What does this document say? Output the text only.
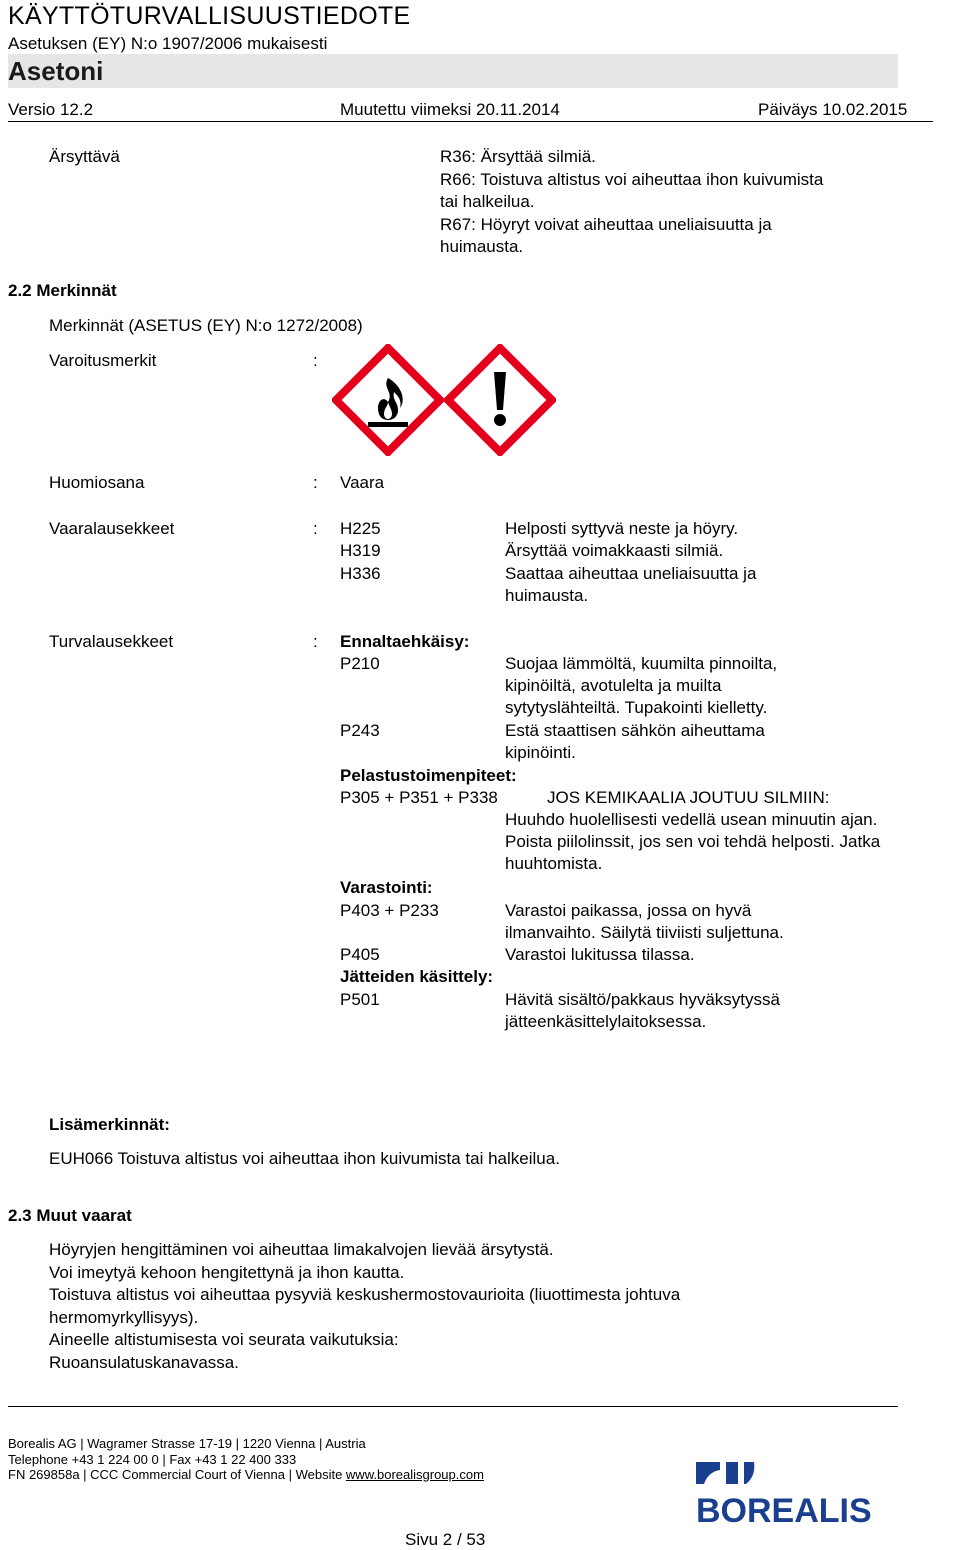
KÄYTTÖTURVALLISUUSTIEDOTE
Asetuksen (EY) N:o 1907/2006 mukaisesti
Asetoni
Versio 12.2	Muutettu viimeksi 20.11.2014	Päiväys 10.02.2015
Ärsyttävä	R36: Ärsyttää silmiä.
R66: Toistuva altistus voi aiheuttaa ihon kuivumista
tai halkeilua.
R67: Höyryt voivat aiheuttaa uneliaisuutta ja
huimausta.
2.2 Merkinnät
Merkinnät (ASETUS (EY) N:o 1272/2008)
Varoitusmerkit	:
Huomiosana	: Vaara
Vaaralausekkeet	: H225	Helposti syttyvä neste ja höyry.
H319	Ärsyttää voimakkaasti silmiä.
H336	Saattaa aiheuttaa uneliaisuutta ja huimausta.
Turvalausekkeet	: Ennaltaehkäisy:
P210	Suojaa lämmöltä, kuumilta pinnoilta, kipinöiltä, avotulelta ja muilta sytytyslähteiltä. Tupakointi kielletty.
P243	Estä staattisen sähkön aiheuttama kipinöinti.
Pelastustoimenpiteet:
P305 + P351 + P338	JOS KEMIKAALIA JOUTUU SILMIIN:
Huuhdo huolellisesti vedellä usean minuutin ajan. Poista piilolinssit, jos sen voi tehdä helposti. Jatka huuhtomista.
Varastointi:
P403 + P233	Varastoi paikassa, jossa on hyvä ilmanvaihto. Säilytä tiiviisti suljettuna.
P405	Varastoi lukitussa tilassa.
Jätteiden käsittely:
P501	Hävitä sisältö/pakkaus hyväksytyssä jätteenkäsittelylaitoksessa.
Lisämerkinnät:
EUH066 Toistuva altistus voi aiheuttaa ihon kuivumista tai halkeilua.
2.3 Muut vaarat
Höyryjen hengittäminen voi aiheuttaa limakalvojen lievää ärsytystä.
Voi imeytyä kehoon hengitettynä ja ihon kautta.
Toistuva altistus voi aiheuttaa pysyviä keskushermostovaurioita (liuottimesta johtuva
hermomyrkyllisyys).
Aineelle altistumisesta voi seurata vaikutuksia:
Ruoansulatuskanavassa.
Borealis AG | Wagramer Strasse 17-19 | 1220 Vienna | Austria
Telephone +43 1 224 00 0 | Fax +43 1 22 400 333
FN 269858a | CCC Commercial Court of Vienna | Website www.borealisgroup.com
BOREALIS
Sivu 2 / 53
